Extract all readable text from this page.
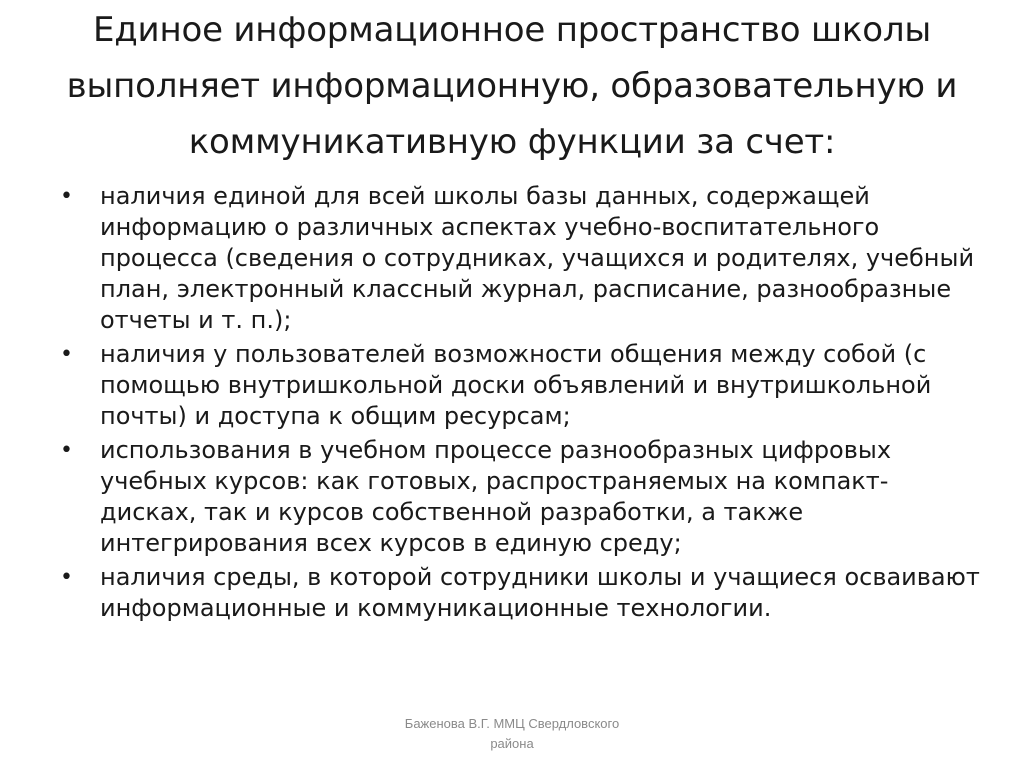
Единое информационное пространство школы выполняет информационную, образовательную и коммуникативную функции за счет:
• наличия единой для всей школы базы данных, содержащей информацию о различных аспектах учебно-воспитательного процесса (сведения о сотрудниках, учащихся и родителях, учебный план, электронный классный журнал, расписание, разнообразные отчеты и т. п.);
• наличия у пользователей возможности общения между собой (с помощью внутришкольной доски объявлений и внутришкольной почты) и доступа к общим ресурсам;
• использования в учебном процессе разнообразных цифровых учебных курсов: как готовых, распространяемых на компакт-дисках, так и курсов собственной разработки, а также интегрирования всех курсов в единую среду;
• наличия среды, в которой сотрудники школы и учащиеся осваивают информационные и коммуникационные технологии.
Баженова В.Г. ММЦ Свердловского
района
